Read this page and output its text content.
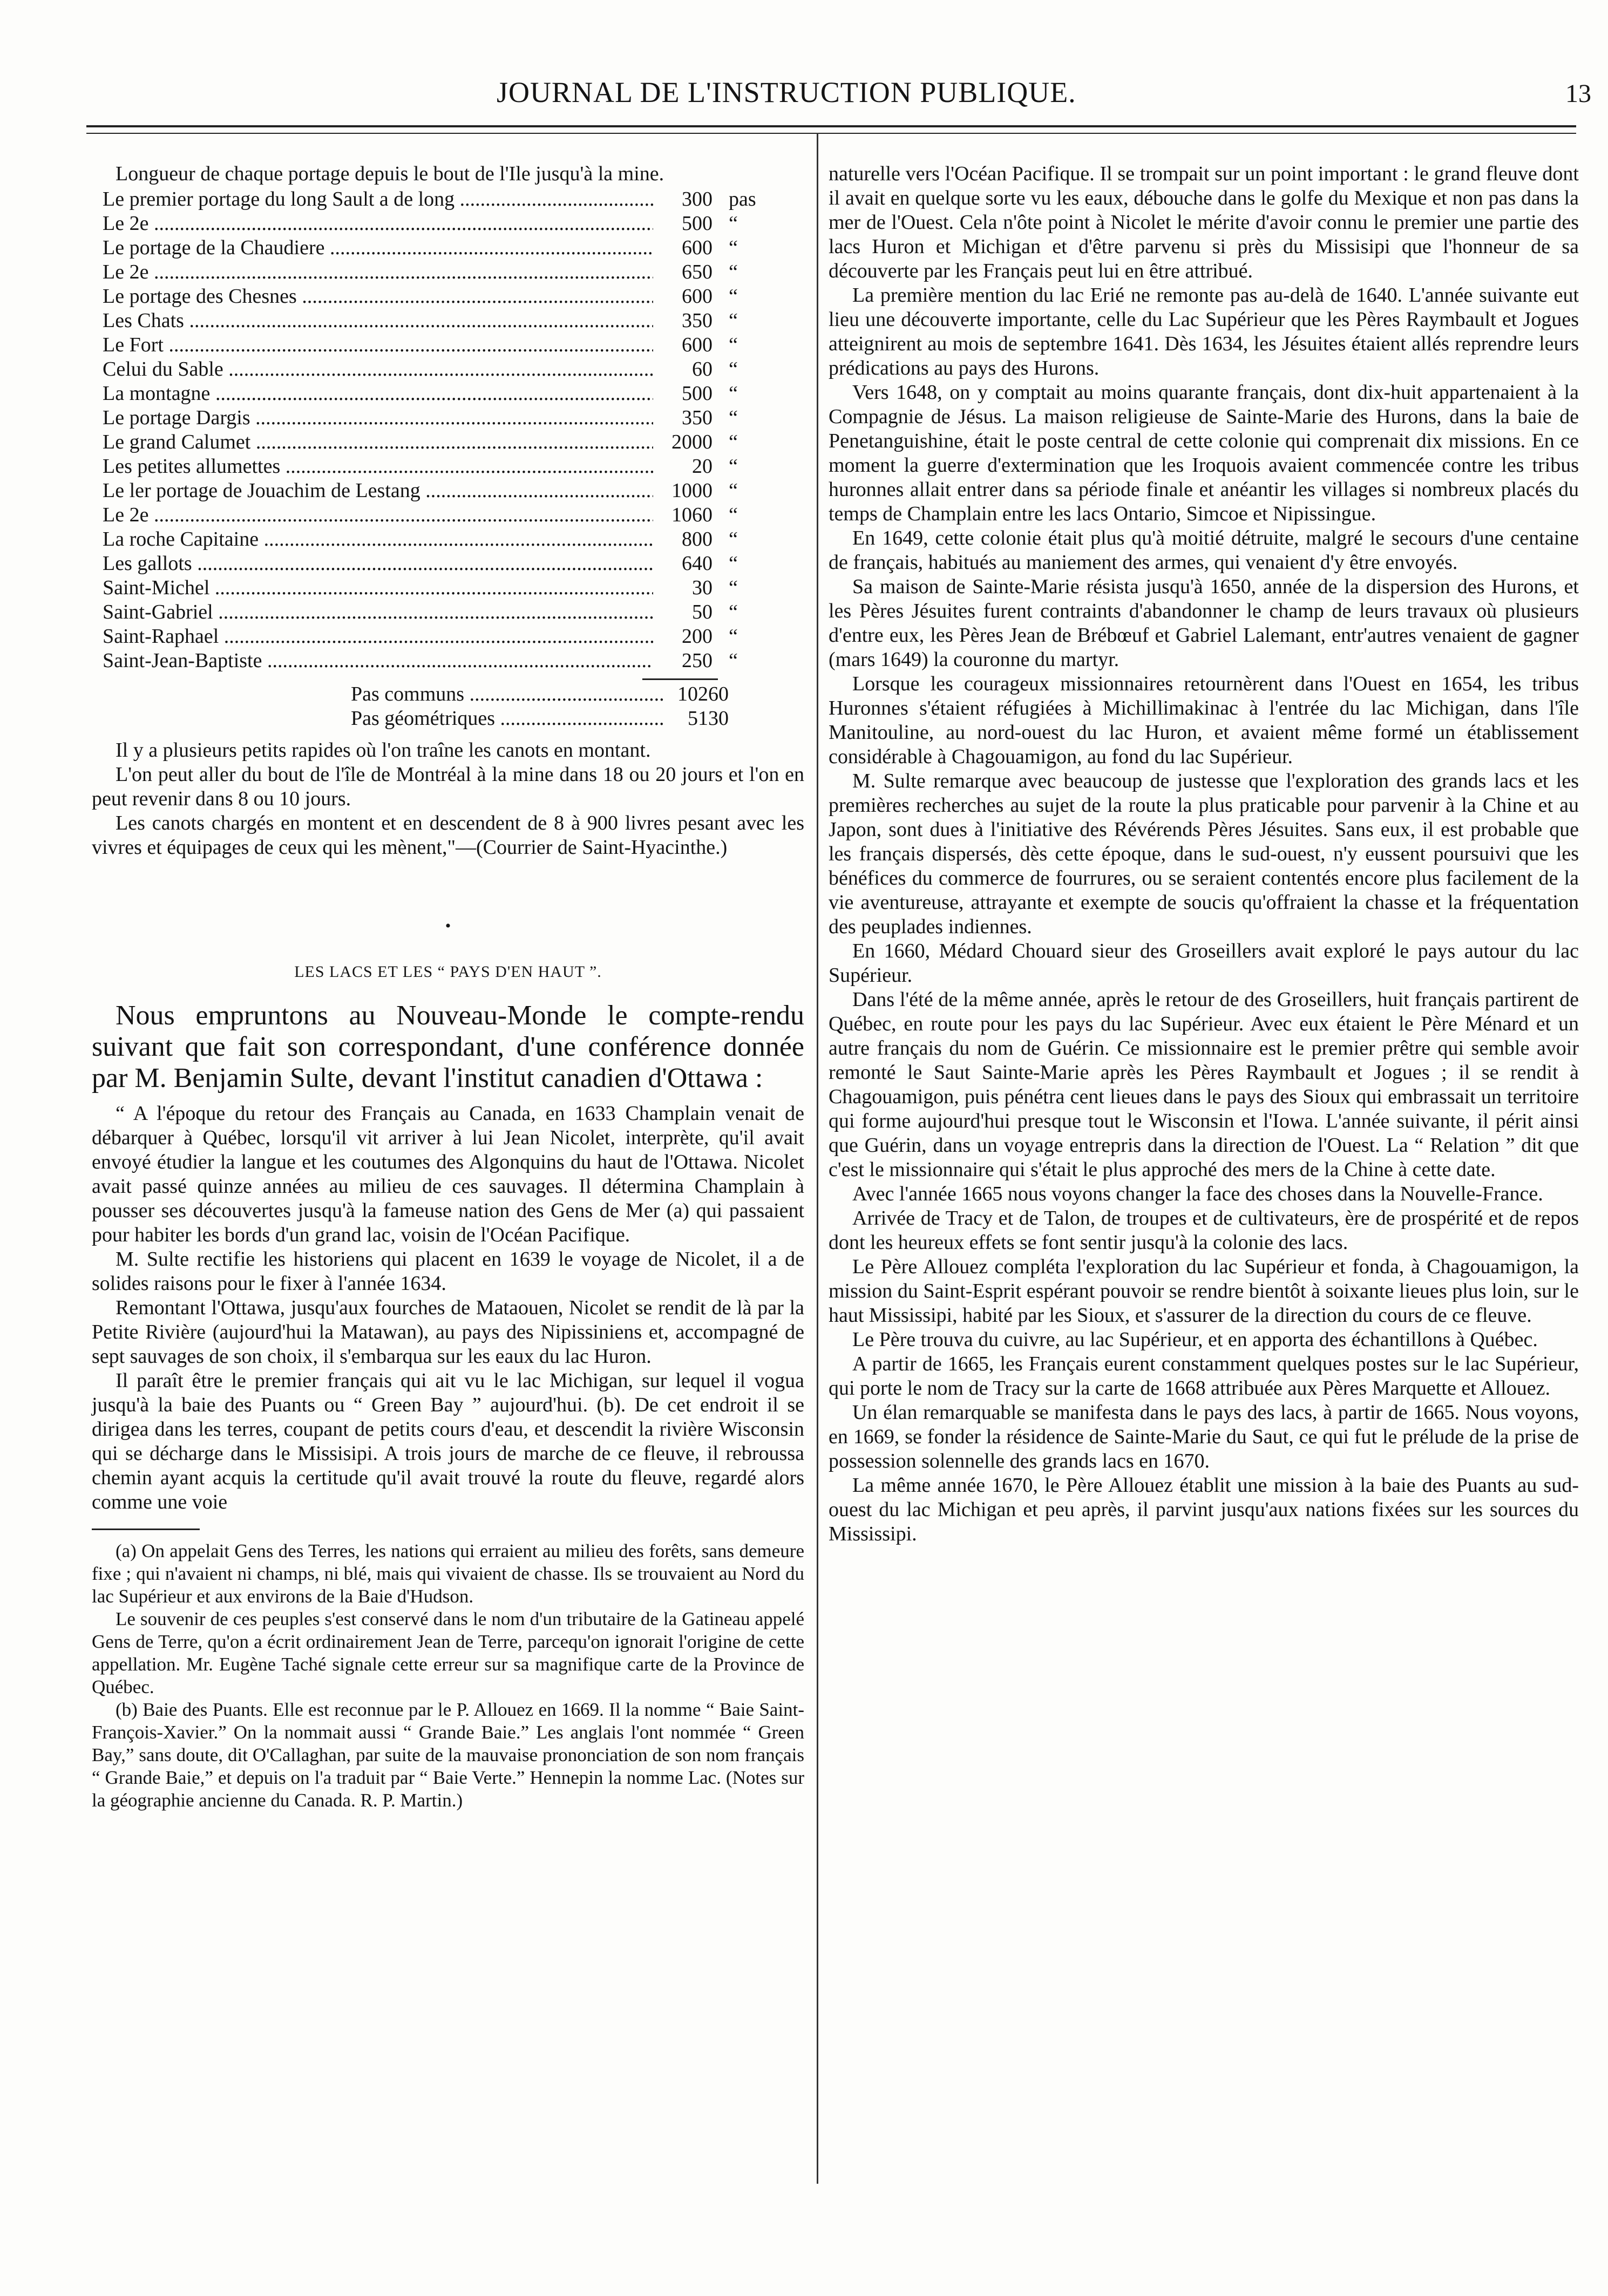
JOURNAL DE L'INSTRUCTION PUBLIQUE.	13

Longueur de chaque portage depuis le bout de l'Ile jusqu'à la mine.

Le premier portage du long Sault a de long .....	300 pas
Le 2e .....	500 “
Le portage de la Chaudiere .....	600 “
Le 2e .....	650 “
Le portage des Chesnes .....	600 “
Les Chats .....	350 “
Le Fort .....	600 “
Celui du Sable .....	60 “
La montagne .....	500 “
Le portage Dargis .....	350 “
Le grand Calumet .....	2000 “
Les petites allumettes .....	20 “
Le ler portage de Jouachim de Lestang .....	1000 “
Le 2e .....	1060 “
La roche Capitaine .....	800 “
Les gallots .....	640 “
Saint-Michel .....	30 “
Saint-Gabriel .....	50 “
Saint-Raphael .....	200 “
Saint-Jean-Baptiste .....	250 “
Pas communs .....	10260
Pas géométriques .....	5130

Il y a plusieurs petits rapides où l'on traîne les canots en montant.

L'on peut aller du bout de l'île de Montréal à la mine dans 18 ou 20 jours et l'on en peut revenir dans 8 ou 10 jours.

Les canots chargés en montent et en descendent de 8 à 900 livres pesant avec les vivres et équipages de ceux qui les mènent,"—(Courrier de Saint-Hyacinthe.)

•
LES LACS ET LES “ PAYS D'EN HAUT ”.

Nous empruntons au Nouveau-Monde le compte-rendu suivant que fait son correspondant, d'une conférence donnée par M. Benjamin Sulte, devant l'institut canadien d'Ottawa :

“ A l'époque du retour des Français au Canada, en 1633 Champlain venait de débarquer à Québec, lorsqu'il vit arriver à lui Jean Nicolet, interprète, qu'il avait envoyé étudier la langue et les coutumes des Algonquins du haut de l'Ottawa. Nicolet avait passé quinze années au milieu de ces sauvages. Il détermina Champlain à pousser ses découvertes jusqu'à la fameuse nation des Gens de Mer (a) qui passaient pour habiter les bords d'un grand lac, voisin de l'Océan Pacifique.

M. Sulte rectifie les historiens qui placent en 1639 le voyage de Nicolet, il a de solides raisons pour le fixer à l'année 1634.

Remontant l'Ottawa, jusqu'aux fourches de Mataouen, Nicolet se rendit de là par la Petite Rivière (aujourd'hui la Matawan), au pays des Nipissiniens et, accompagné de sept sauvages de son choix, il s'embarqua sur les eaux du lac Huron.

Il paraît être le premier français qui ait vu le lac Michigan, sur lequel il vogua jusqu'à la baie des Puants ou “ Green Bay ” aujourd'hui. (b). De cet endroit il se dirigea dans les terres, coupant de petits cours d'eau, et descendit la rivière Wisconsin qui se décharge dans le Missisipi. A trois jours de marche de ce fleuve, il rebroussa chemin ayant acquis la certitude qu'il avait trouvé la route du fleuve, regardé alors comme une voie

(a) On appelait Gens des Terres, les nations qui erraient au milieu des forêts, sans demeure fixe ; qui n'avaient ni champs, ni blé, mais qui vivaient de chasse. Ils se trouvaient au Nord du lac Supérieur et aux environs de la Baie d'Hudson.

Le souvenir de ces peuples s'est conservé dans le nom d'un tributaire de la Gatineau appelé Gens de Terre, qu'on a écrit ordinairement Jean de Terre, parcequ'on ignorait l'origine de cette appellation. Mr. Eugène Taché signale cette erreur sur sa magnifique carte de la Province de Québec.

(b) Baie des Puants. Elle est reconnue par le P. Allouez en 1669. Il la nomme “ Baie Saint-François-Xavier.” On la nommait aussi “ Grande Baie.” Les anglais l'ont nommée “ Green Bay,” sans doute, dit O'Callaghan, par suite de la mauvaise prononciation de son nom français “ Grande Baie,” et depuis on l'a traduit par “ Baie Verte.” Hennepin la nomme Lac. (Notes sur la géographie ancienne du Canada. R. P. Martin.)

naturelle vers l'Océan Pacifique. Il se trompait sur un point important : le grand fleuve dont il avait en quelque sorte vu les eaux, débouche dans le golfe du Mexique et non pas dans la mer de l'Ouest. Cela n'ôte point à Nicolet le mérite d'avoir connu le premier une partie des lacs Huron et Michigan et d'être parvenu si près du Missisipi que l'honneur de sa découverte par les Français peut lui en être attribué.

La première mention du lac Erié ne remonte pas au-delà de 1640. L'année suivante eut lieu une découverte importante, celle du Lac Supérieur que les Pères Raymbault et Jogues atteignirent au mois de septembre 1641. Dès 1634, les Jésuites étaient allés reprendre leurs prédications au pays des Hurons.

Vers 1648, on y comptait au moins quarante français, dont dix-huit appartenaient à la Compagnie de Jésus. La maison religieuse de Sainte-Marie des Hurons, dans la baie de Penetanguishine, était le poste central de cette colonie qui comprenait dix missions. En ce moment la guerre d'extermination que les Iroquois avaient commencée contre les tribus huronnes allait entrer dans sa période finale et anéantir les villages si nombreux placés du temps de Champlain entre les lacs Ontario, Simcoe et Nipissingue.

En 1649, cette colonie était plus qu'à moitié détruite, malgré le secours d'une centaine de français, habitués au maniement des armes, qui venaient d'y être envoyés.

Sa maison de Sainte-Marie résista jusqu'à 1650, année de la dispersion des Hurons, et les Pères Jésuites furent contraints d'abandonner le champ de leurs travaux où plusieurs d'entre eux, les Pères Jean de Brébœuf et Gabriel Lalemant, entr'autres venaient de gagner (mars 1649) la couronne du martyr.

Lorsque les courageux missionnaires retournèrent dans l'Ouest en 1654, les tribus Huronnes s'étaient réfugiées à Michillimakinac à l'entrée du lac Michigan, dans l'île Manitouline, au nord-ouest du lac Huron, et avaient même formé un établissement considérable à Chagouamigon, au fond du lac Supérieur.

M. Sulte remarque avec beaucoup de justesse que l'exploration des grands lacs et les premières recherches au sujet de la route la plus praticable pour parvenir à la Chine et au Japon, sont dues à l'initiative des Révérends Pères Jésuites. Sans eux, il est probable que les français dispersés, dès cette époque, dans le sud-ouest, n'y eussent poursuivi que les bénéfices du commerce de fourrures, ou se seraient contentés encore plus facilement de la vie aventureuse, attrayante et exempte de soucis qu'offraient la chasse et la fréquentation des peuplades indiennes.

En 1660, Médard Chouard sieur des Groseillers avait exploré le pays autour du lac Supérieur.

Dans l'été de la même année, après le retour de des Groseillers, huit français partirent de Québec, en route pour les pays du lac Supérieur. Avec eux étaient le Père Ménard et un autre français du nom de Guérin. Ce missionnaire est le premier prêtre qui semble avoir remonté le Saut Sainte-Marie après les Pères Raymbault et Jogues ; il se rendit à Chagouamigon, puis pénétra cent lieues dans le pays des Sioux qui embrassait un territoire qui forme aujourd'hui presque tout le Wisconsin et l'Iowa. L'année suivante, il périt ainsi que Guérin, dans un voyage entrepris dans la direction de l'Ouest. La “ Relation ” dit que c'est le missionnaire qui s'était le plus approché des mers de la Chine à cette date.

Avec l'année 1665 nous voyons changer la face des choses dans la Nouvelle-France.

Arrivée de Tracy et de Talon, de troupes et de cultivateurs, ère de prospérité et de repos dont les heureux effets se font sentir jusqu'à la colonie des lacs.

Le Père Allouez compléta l'exploration du lac Supérieur et fonda, à Chagouamigon, la mission du Saint-Esprit espérant pouvoir se rendre bientôt à soixante lieues plus loin, sur le haut Mississipi, habité par les Sioux, et s'assurer de la direction du cours de ce fleuve.

Le Père trouva du cuivre, au lac Supérieur, et en apporta des échantillons à Québec.

A partir de 1665, les Français eurent constamment quelques postes sur le lac Supérieur, qui porte le nom de Tracy sur la carte de 1668 attribuée aux Pères Marquette et Allouez.

Un élan remarquable se manifesta dans le pays des lacs, à partir de 1665. Nous voyons, en 1669, se fonder la résidence de Sainte-Marie du Saut, ce qui fut le prélude de la prise de possession solennelle des grands lacs en 1670.

La même année 1670, le Père Allouez établit une mission à la baie des Puants au sud-ouest du lac Michigan et peu après, il parvint jusqu'aux nations fixées sur les sources du Mississipi.
